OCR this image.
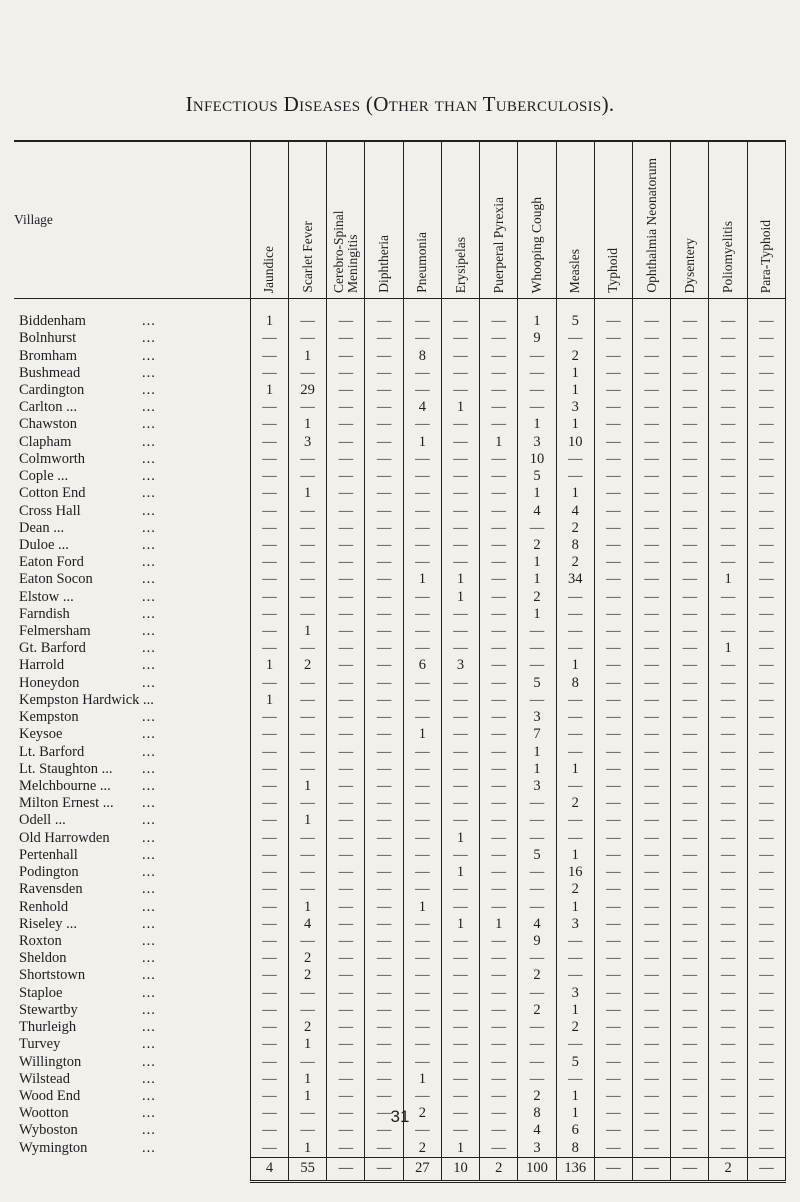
Infectious Diseases (Other than Tuberculosis).
Village	Jaundice	Scarlet Fever	Cerebro-Spinal Meningitis	Diphtheria	Pneumonia	Erysipelas	Puerperal Pyrexia	Whooping Cough	Measles	Typhoid	Ophthalmia Neonatorum	Dysentery	Poliomyelitis	Para-Typhoid

Biddenham ...	1	—	—	—	—	—	—	1	5	—	—	—	—	—
Bolnhurst ...	—	—	—	—	—	—	—	9	—	—	—	—	—	—
Bromham ...	—	1	—	—	8	—	—	—	2	—	—	—	—	—
Bushmead ...	—	—	—	—	—	—	—	—	1	—	—	—	—	—
Cardington ...	1	29	—	—	—	—	—	—	1	—	—	—	—	—
Carlton ... ...	—	—	—	—	4	1	—	—	3	—	—	—	—	—
Chawston ...	—	1	—	—	—	—	—	1	1	—	—	—	—	—
Clapham ...	—	3	—	—	1	—	1	3	10	—	—	—	—	—
Colmworth ...	—	—	—	—	—	—	—	10	—	—	—	—	—	—
Cople ... ...	—	—	—	—	—	—	—	5	—	—	—	—	—	—
Cotton End ...	—	1	—	—	—	—	—	1	1	—	—	—	—	—
Cross Hall ...	—	—	—	—	—	—	—	4	4	—	—	—	—	—
Dean ... ...	—	—	—	—	—	—	—	—	2	—	—	—	—	—
Duloe ... ...	—	—	—	—	—	—	—	2	8	—	—	—	—	—
Eaton Ford ...	—	—	—	—	—	—	—	1	2	—	—	—	—	—
Eaton Socon ...	—	—	—	—	1	1	—	1	34	—	—	—	1	—
Elstow ... ...	—	—	—	—	—	1	—	2	—	—	—	—	—	—
Farndish ...	—	—	—	—	—	—	—	1	—	—	—	—	—	—
Felmersham ...	—	1	—	—	—	—	—	—	—	—	—	—	—	—
Gt. Barford ...	—	—	—	—	—	—	—	—	—	—	—	—	1	—
Harrold ...	1	2	—	—	6	3	—	—	1	—	—	—	—	—
Honeydon ...	—	—	—	—	—	—	—	5	8	—	—	—	—	—
Kempston Hardwick ...	1	—	—	—	—	—	—	—	—	—	—	—	—	—
Kempston ...	—	—	—	—	—	—	—	3	—	—	—	—	—	—
Keysoe ...	—	—	—	—	1	—	—	7	—	—	—	—	—	—
Lt. Barford ...	—	—	—	—	—	—	—	1	—	—	—	—	—	—
Lt. Staughton ... ...	—	—	—	—	—	—	—	1	1	—	—	—	—	—
Melchbourne ... ...	—	1	—	—	—	—	—	3	—	—	—	—	—	—
Milton Ernest ... ...	—	—	—	—	—	—	—	—	2	—	—	—	—	—
Odell ... ...	—	1	—	—	—	—	—	—	—	—	—	—	—	—
Old Harrowden ...	—	—	—	—	—	1	—	—	—	—	—	—	—	—
Pertenhall ...	—	—	—	—	—	—	—	5	1	—	—	—	—	—
Podington ...	—	—	—	—	—	1	—	—	16	—	—	—	—	—
Ravensden ...	—	—	—	—	—	—	—	—	2	—	—	—	—	—
Renhold ...	—	1	—	—	1	—	—	—	1	—	—	—	—	—
Riseley ... ...	—	4	—	—	—	1	1	4	3	—	—	—	—	—
Roxton ...	—	—	—	—	—	—	—	9	—	—	—	—	—	—
Sheldon ...	—	2	—	—	—	—	—	—	—	—	—	—	—	—
Shortstown ...	—	2	—	—	—	—	—	2	—	—	—	—	—	—
Staploe ...	—	—	—	—	—	—	—	—	3	—	—	—	—	—
Stewartby ...	—	—	—	—	—	—	—	2	1	—	—	—	—	—
Thurleigh ...	—	2	—	—	—	—	—	—	2	—	—	—	—	—
Turvey ...	—	1	—	—	—	—	—	—	—	—	—	—	—	—
Willington ...	—	—	—	—	—	—	—	—	5	—	—	—	—	—
Wilstead ...	—	1	—	—	1	—	—	—	—	—	—	—	—	—
Wood End ...	—	1	—	—	—	—	—	2	1	—	—	—	—	—
Wootton ...	—	—	—	—	2	—	—	8	1	—	—	—	—	—
Wyboston ...	—	—	—	—	—	—	—	4	6	—	—	—	—	—
Wymington ...	—	1	—	—	2	1	—	3	8	—	—	—	—	—
	4	55	—	—	27	10	2	100	136	—	—	—	2	—
31
